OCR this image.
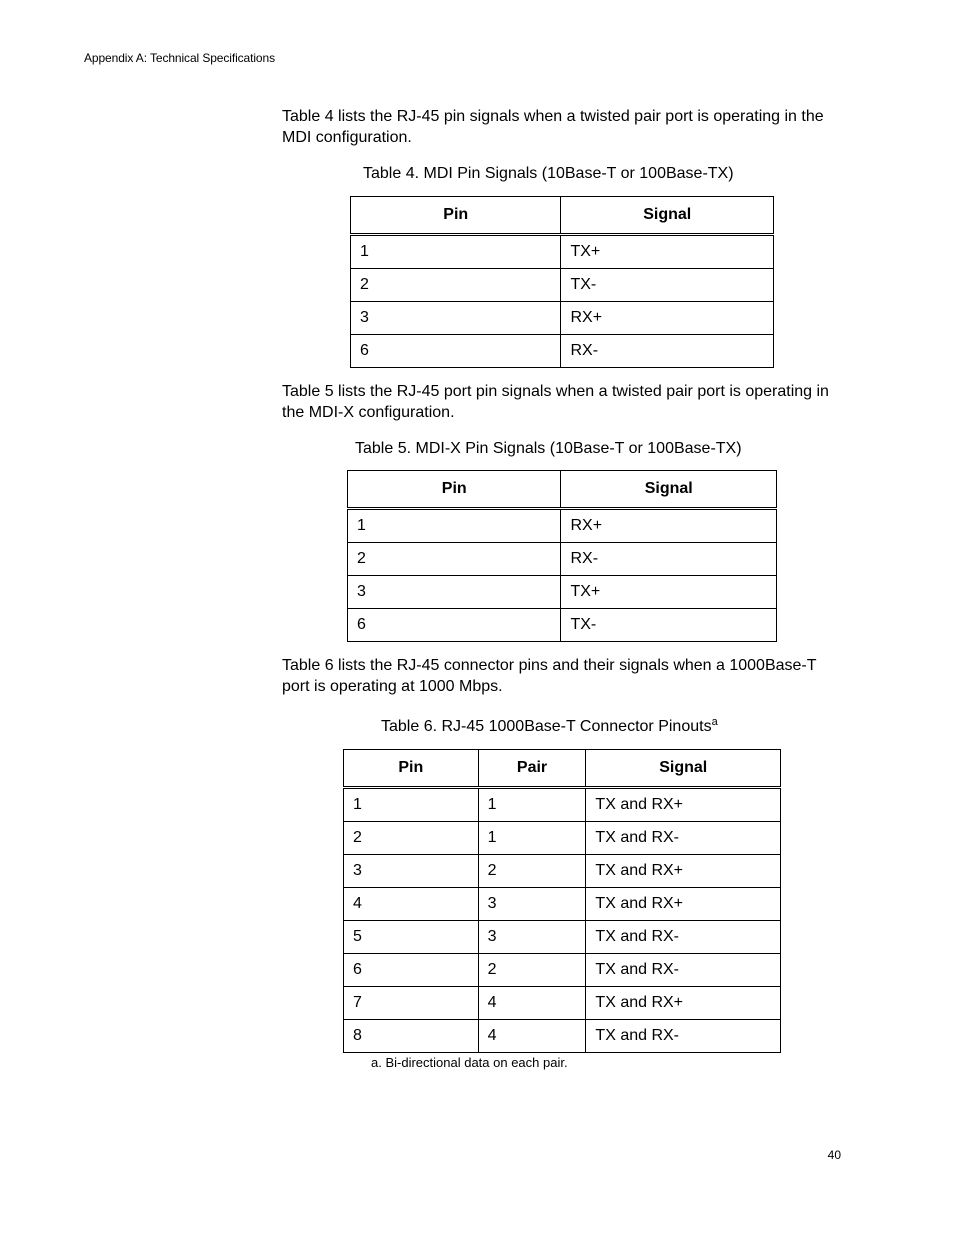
Appendix A: Technical Specifications

Table 4 lists the RJ-45 pin signals when a twisted pair port is operating in the MDI configuration.

Table 4. MDI Pin Signals (10Base-T or 100Base-TX)
Pin	Signal
1	TX+
2	TX-
3	RX+
6	RX-

Table 5 lists the RJ-45 port pin signals when a twisted pair port is operating in the MDI-X configuration.

Table 5. MDI-X Pin Signals (10Base-T or 100Base-TX)
Pin	Signal
1	RX+
2	RX-
3	TX+
6	TX-

Table 6 lists the RJ-45 connector pins and their signals when a 1000Base-T port is operating at 1000 Mbps.

Table 6. RJ-45 1000Base-T Connector Pinouts$^a$
Pin	Pair	Signal
1	1	TX and RX+
2	1	TX and RX-
3	2	TX and RX+
4	3	TX and RX+
5	3	TX and RX-
6	2	TX and RX-
7	4	TX and RX+
8	4	TX and RX-
a. Bi-directional data on each pair.
40
